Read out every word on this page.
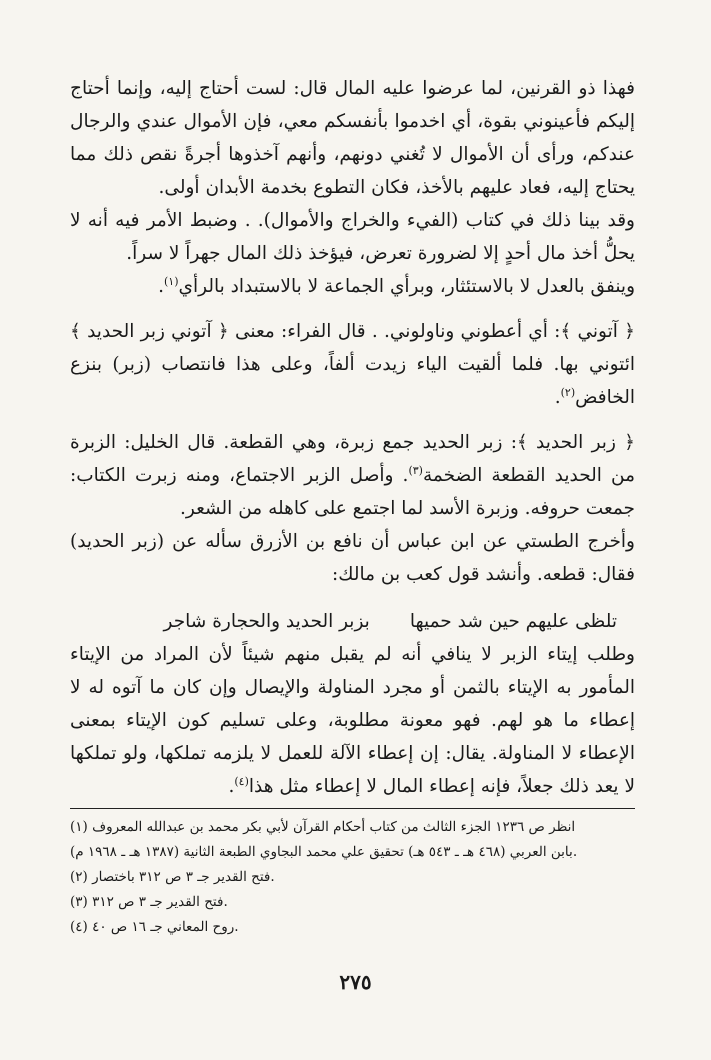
فهذا ذو القرنين، لما عرضوا عليه المال قال: لست أحتاج إليه، وإنما أحتاج إليكم فأعينوني بقوة، أي اخدموا بأنفسكم معي، فإن الأموال عندي والرجال عندكم، ورأى أن الأموال لا تُغني دونهم، وأنهم آخذوها أجرةً نقص ذلك مما يحتاج إليه، فعاد عليهم بالأخذ، فكان التطوع بخدمة الأبدان أولى.

وقد بينا ذلك في كتاب (الفيء والخراج والأموال). . وضبط الأمر فيه أنه لا يحلُّ أخذ مال أحدٍ إلا لضرورة تعرض، فيؤخذ ذلك المال جهراً لا سراً.

وينفق بالعدل لا بالاستئثار، وبرأي الجماعة لا بالاستبداد بالرأي$^{(١)}$.

﴿ آتوني ﴾: أي أعطوني وناولوني. . قال الفراء: معنى ﴿ آتوني زبر الحديد ﴾ ائتوني بها. فلما ألقيت الياء زيدت ألفاً، وعلى هذا فانتصاب (زبر) بنزع الخافض$^{(٢)}$.

﴿ زبر الحديد ﴾: زبر الحديد جمع زبرة، وهي القطعة. قال الخليل: الزبرة من الحديد القطعة الضخمة$^{(٣)}$. وأصل الزبر الاجتماع، ومنه زبرت الكتاب: جمعت حروفه. وزبرة الأسد لما اجتمع على كاهله من الشعر.

وأخرج الطستي عن ابن عباس أن نافع بن الأزرق سأله عن (زبر الحديد) فقال: قطعه. وأنشد قول كعب بن مالك:

تلظى عليهم حين شد حميها
بزبر الحديد والحجارة شاجر

وطلب إيتاء الزبر لا ينافي أنه لم يقبل منهم شيئاً لأن المراد من الإيتاء المأمور به الإيتاء بالثمن أو مجرد المناولة والإيصال وإن كان ما آتوه له لا إعطاء ما هو لهم. فهو معونة مطلوبة، وعلى تسليم كون الإيتاء بمعنى الإعطاء لا المناولة. يقال: إن إعطاء الآلة للعمل لا يلزمه تملكها، ولو تملكها لا يعد ذلك جعلاً، فإنه إعطاء المال لا إعطاء مثل هذا$^{(٤)}$.

(١) انظر ص ١٢٣٦ الجزء الثالث من كتاب أحكام القرآن لأبي بكر محمد بن عبدالله المعروف

بابن العربي (٤٦٨ هـ ـ ٥٤٣ هـ) تحقيق علي محمد البجاوي الطبعة الثانية (١٣٨٧ هـ ـ ١٩٦٨ م).

(٢) فتح القدير جـ ٣ ص ٣١٢ باختصار.

(٣) فتح القدير جـ ٣ ص ٣١٢.

(٤) روح المعاني جـ ١٦ ص ٤٠.

٢٧٥
